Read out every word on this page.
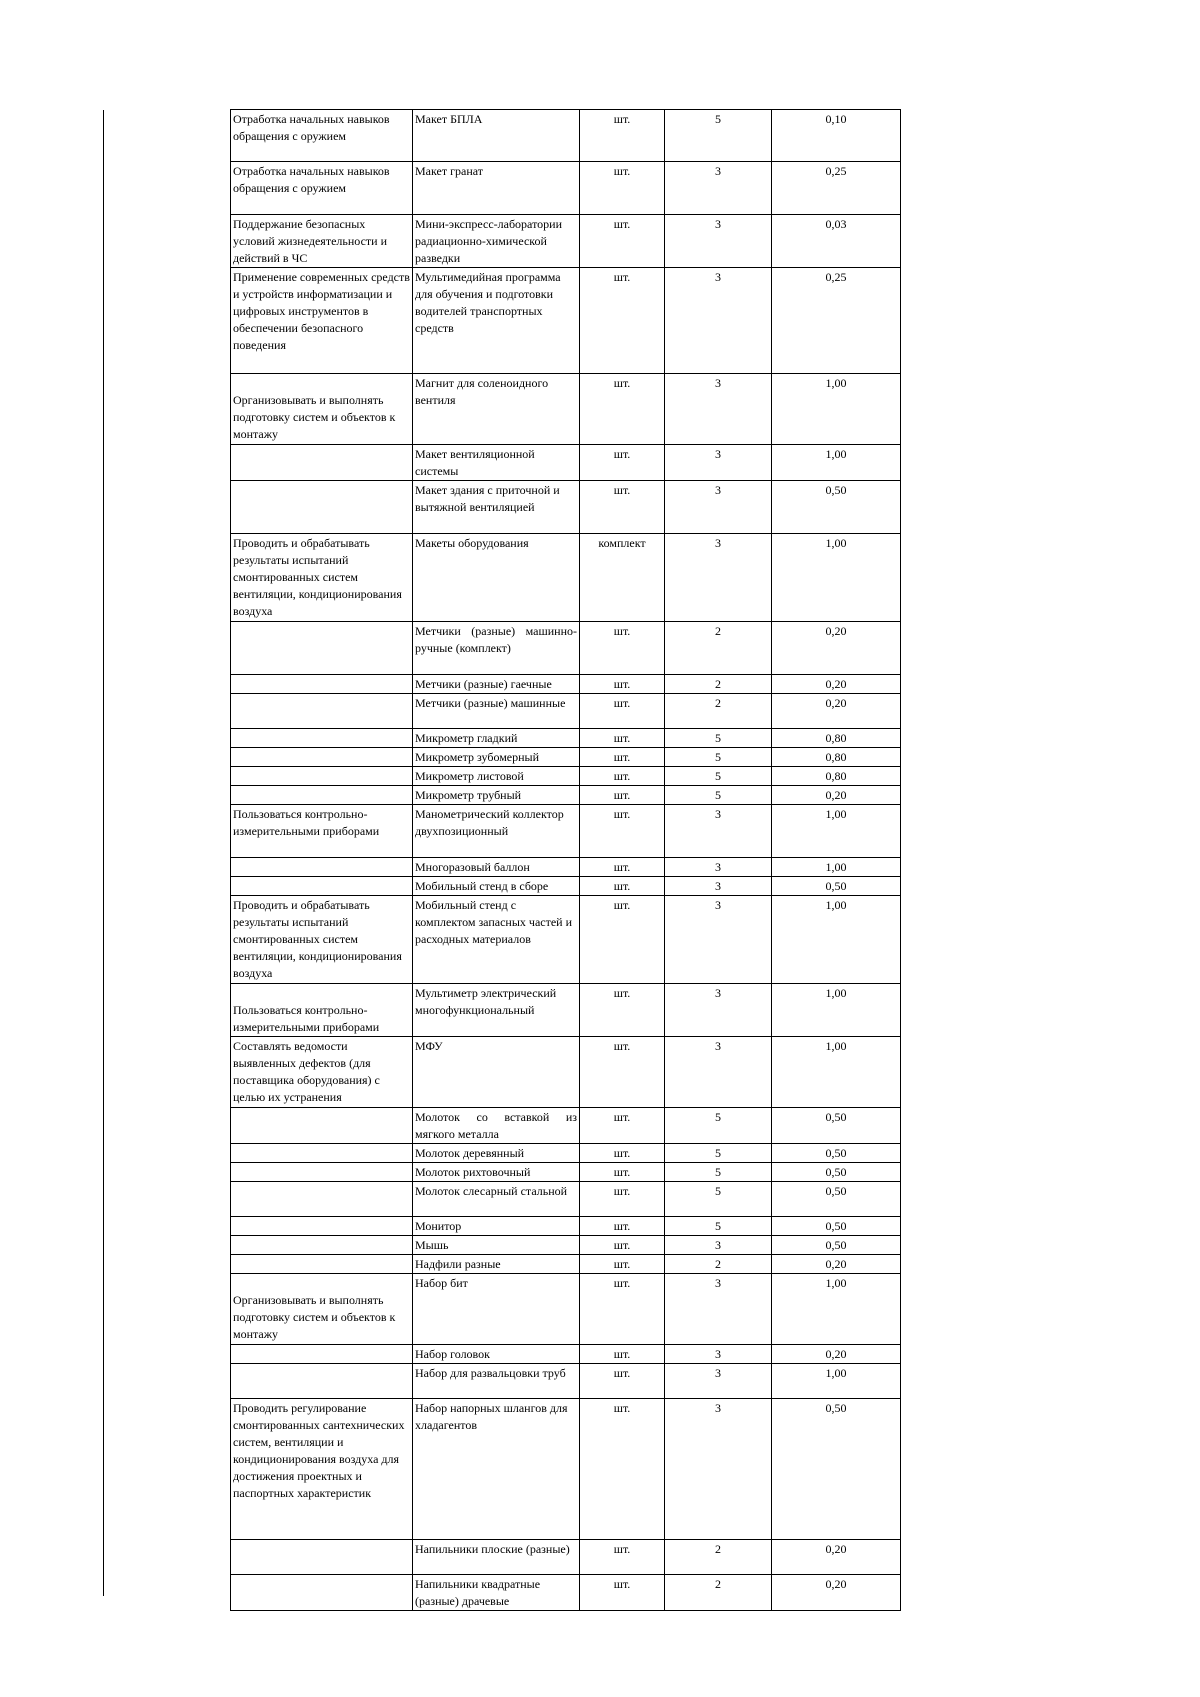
Отработка начальных навыков обращения с оружием	Макет БПЛА	шт.	5	0,10
Отработка начальных навыков обращения с оружием	Макет гранат	шт.	3	0,25
Поддержание безопасных условий жизнедеятельности и действий в ЧС	Мини-экспресс-лаборатории радиационно-химической разведки	шт.	3	0,03
Применение современных средств и устройств информатизации и цифровых инструментов в обеспечении безопасного поведения	Мультимедийная программа для обучения и подготовки водителей транспортных средств	шт.	3	0,25

Организовывать и выполнять подготовку систем и объектов к монтажу	Магнит для соленоидного вентиля	шт.	3	1,00
	Макет вентиляционной системы	шт.	3	1,00
	Макет здания с приточной и вытяжной вентиляцией	шт.	3	0,50
Проводить и обрабатывать результаты испытаний смонтированных систем вентиляции, кондиционирования воздуха	Макеты оборудования	комплект	3	1,00
	Метчики (разные) машинно-ручные (комплект)	шт.	2	0,20
	Метчики (разные) гаечные	шт.	2	0,20
	Метчики (разные) машинные	шт.	2	0,20
	Микрометр гладкий	шт.	5	0,80
	Микрометр зубомерный	шт.	5	0,80
	Микрометр листовой	шт.	5	0,80
	Микрометр трубный	шт.	5	0,20
Пользоваться контрольно-измерительными приборами	Манометрический коллектор двухпозиционный	шт.	3	1,00
	Многоразовый баллон	шт.	3	1,00
	Мобильный стенд в сборе	шт.	3	0,50
Проводить и обрабатывать результаты испытаний смонтированных систем вентиляции, кондиционирования воздуха	Мобильный стенд с комплектом запасных частей и расходных материалов	шт.	3	1,00

Пользоваться контрольно-измерительными приборами	Мультиметр электрический многофункциональный	шт.	3	1,00
Составлять ведомости выявленных дефектов (для поставщика оборудования) с целью их устранения	МФУ	шт.	3	1,00
	Молоток со вставкой из мягкого металла	шт.	5	0,50
	Молоток деревянный	шт.	5	0,50
	Молоток рихтовочный	шт.	5	0,50
	Молоток слесарный стальной	шт.	5	0,50
	Монитор	шт.	5	0,50
	Мышь	шт.	3	0,50
	Надфили разные	шт.	2	0,20

Организовывать и выполнять подготовку систем и объектов к монтажу	Набор бит	шт.	3	1,00
	Набор головок	шт.	3	0,20
	Набор для развальцовки труб	шт.	3	1,00
Проводить регулирование смонтированных сантехнических систем, вентиляции и кондиционирования воздуха для достижения проектных и паспортных характеристик	Набор напорных шлангов для хладагентов	шт.	3	0,50
	Напильники плоские (разные)	шт.	2	0,20
	Напильники квадратные (разные) драчевые	шт.	2	0,20
